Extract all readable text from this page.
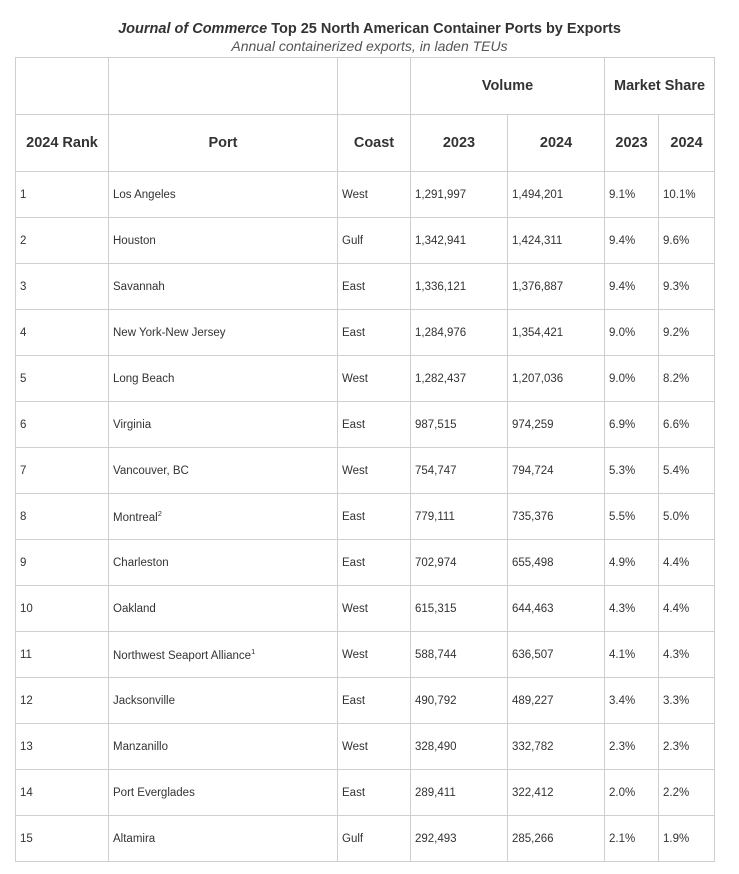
Journal of Commerce Top 25 North American Container Ports by Exports
Annual containerized exports, in laden TEUs
			Volume		Market Share	
2024 Rank	Port	Coast	2023	2024	2023	2024
1	Los Angeles	West	1,291,997	1,494,201	9.1%	10.1%
2	Houston	Gulf	1,342,941	1,424,311	9.4%	9.6%
3	Savannah	East	1,336,121	1,376,887	9.4%	9.3%
4	New York-New Jersey	East	1,284,976	1,354,421	9.0%	9.2%
5	Long Beach	West	1,282,437	1,207,036	9.0%	8.2%
6	Virginia	East	987,515	974,259	6.9%	6.6%
7	Vancouver, BC	West	754,747	794,724	5.3%	5.4%
8	Montreal$^2$	East	779,111	735,376	5.5%	5.0%
9	Charleston	East	702,974	655,498	4.9%	4.4%
10	Oakland	West	615,315	644,463	4.3%	4.4%
11	Northwest Seaport Alliance$^1$	West	588,744	636,507	4.1%	4.3%
12	Jacksonville	East	490,792	489,227	3.4%	3.3%
13	Manzanillo	West	328,490	332,782	2.3%	2.3%
14	Port Everglades	East	289,411	322,412	2.0%	2.2%
15	Altamira	Gulf	292,493	285,266	2.1%	1.9%
